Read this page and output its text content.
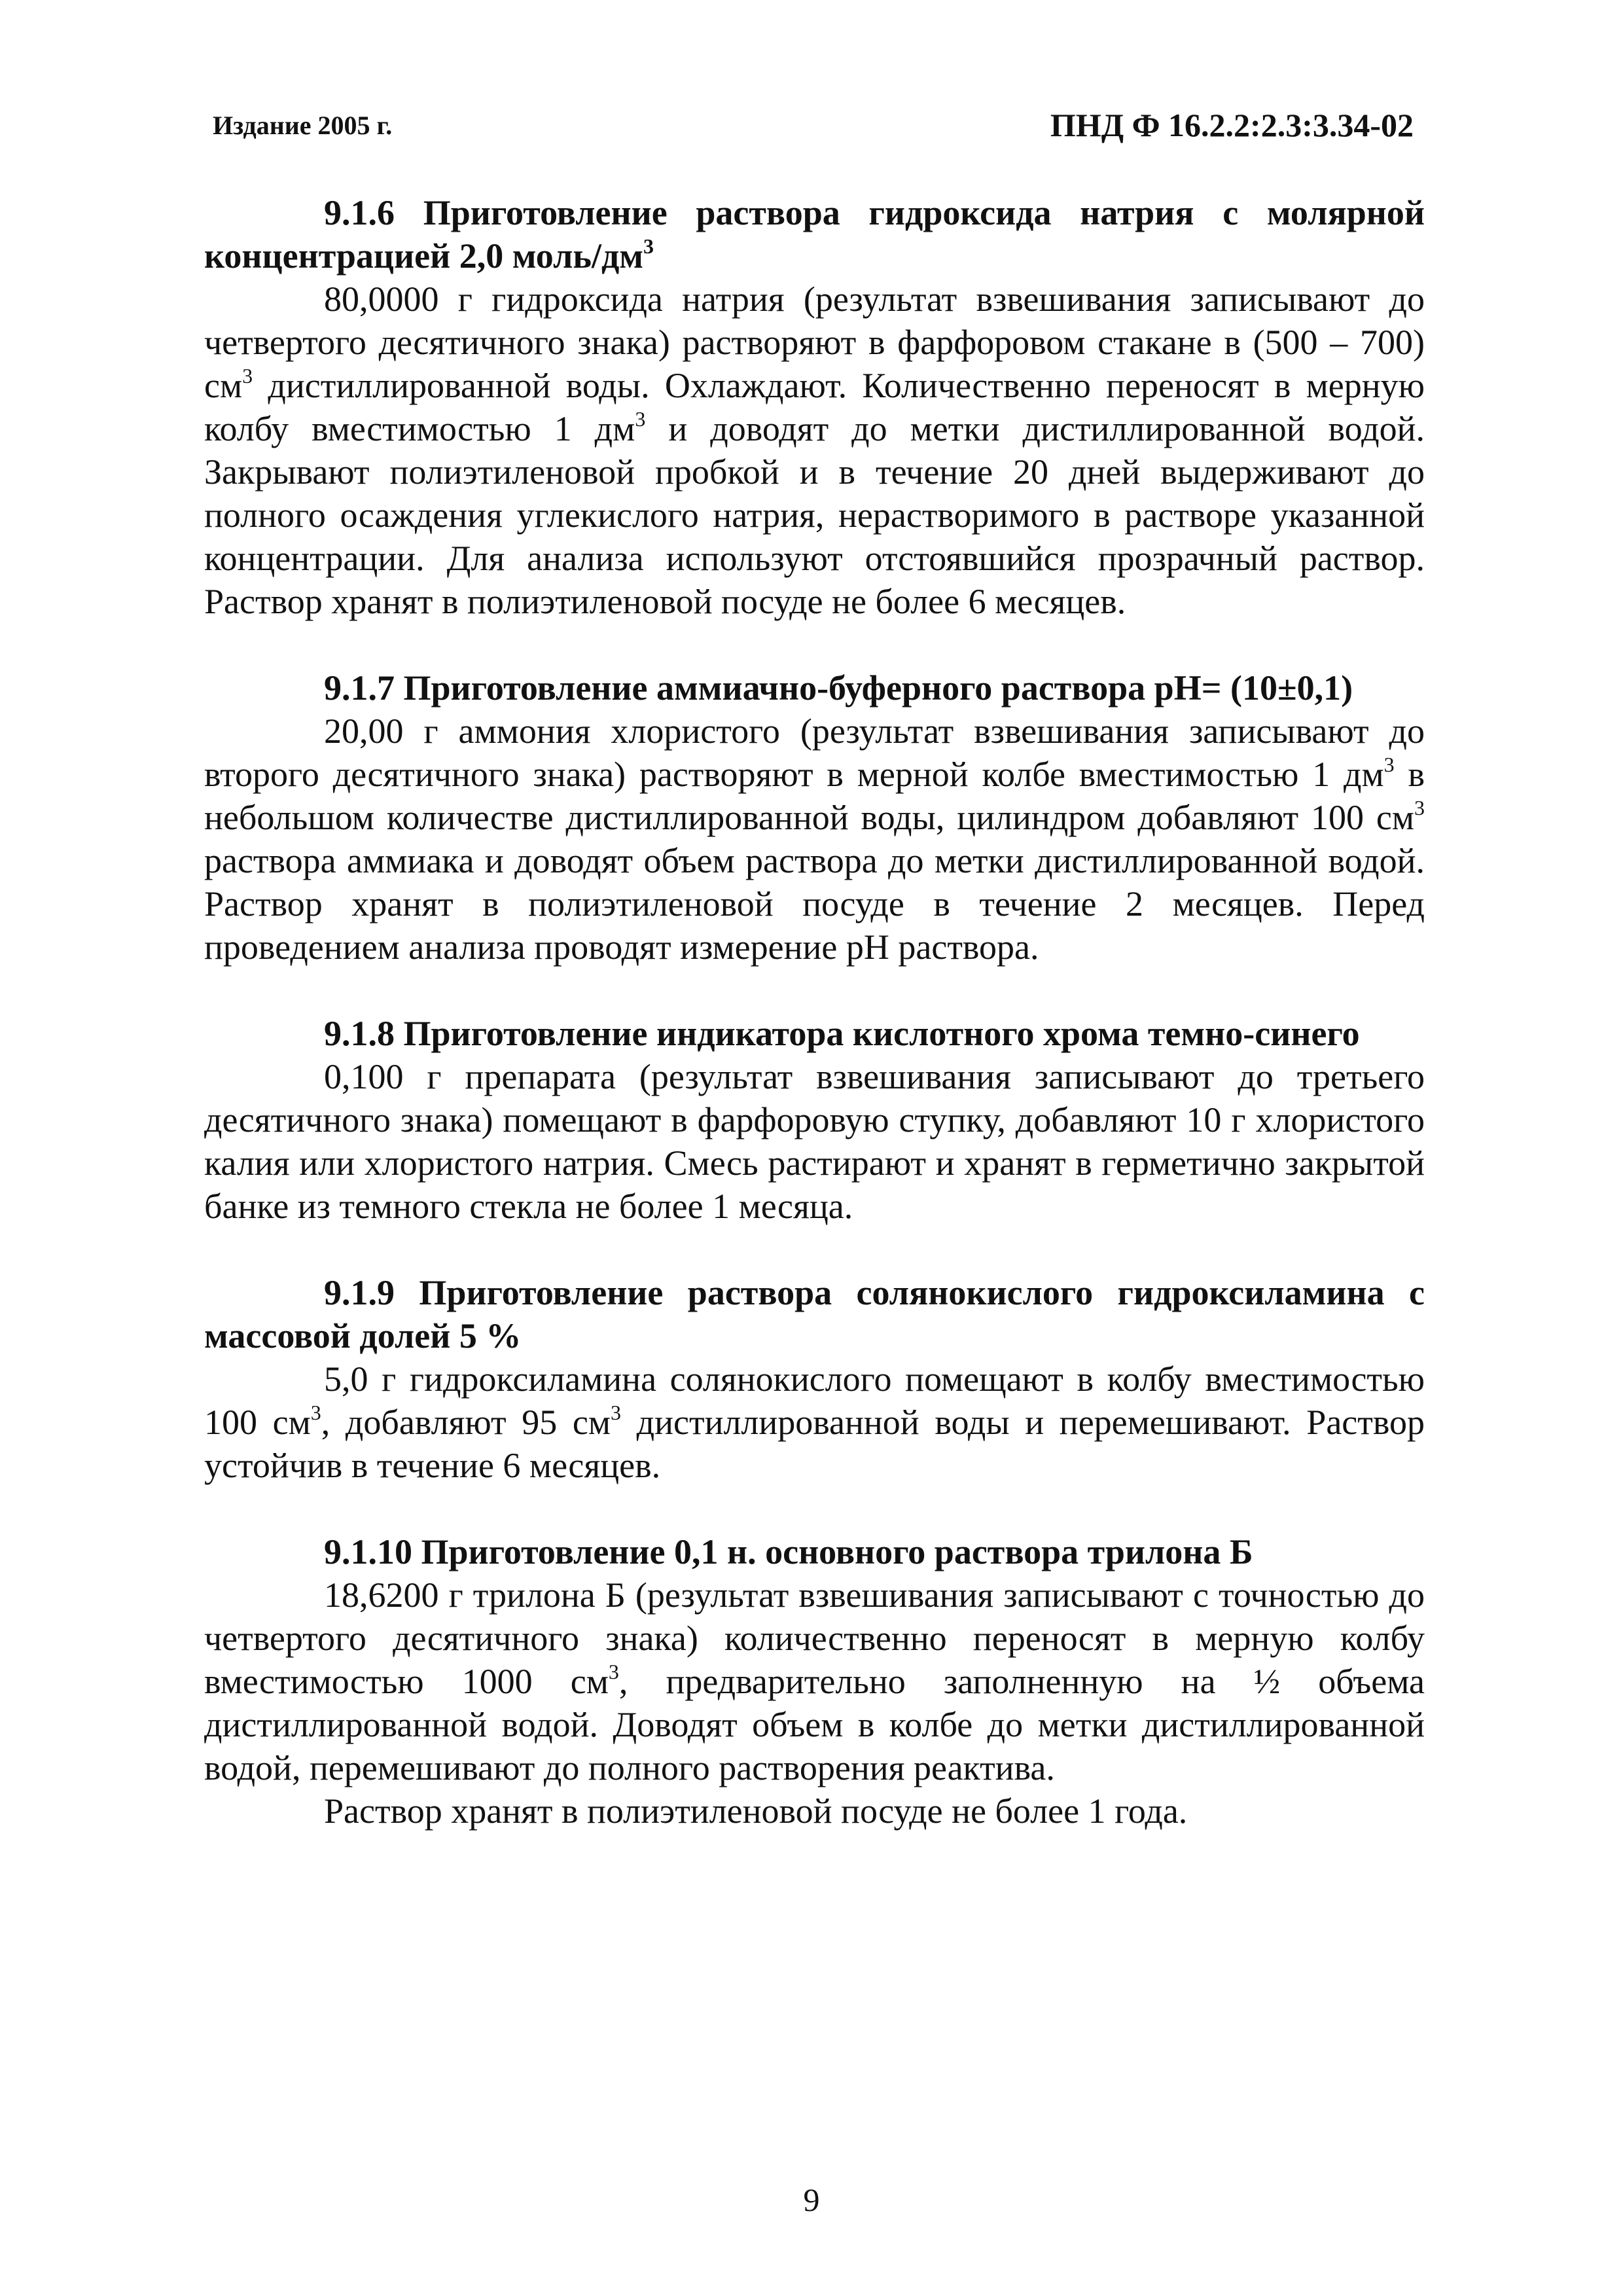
Издание 2005 г.	ПНД Ф 16.2.2:2.3:3.34-02

9.1.6 Приготовление раствора гидроксида натрия с молярной концентрацией 2,0 моль/$дм^3$

80,0000 г гидроксида натрия (результат взвешивания записывают до четвертого десятичного знака) растворяют в фарфоровом стакане в (500 – 700) $см^3$ дистиллированной воды. Охлаждают. Количественно переносят в мерную колбу вместимостью 1 $дм^3$ и доводят до метки дистиллированной водой. Закрывают полиэтиленовой пробкой и в течение 20 дней выдерживают до полного осаждения углекислого натрия, нерастворимого в растворе указанной концентрации. Для анализа используют отстоявшийся прозрачный раствор. Раствор хранят в полиэтиленовой посуде не более 6 месяцев.

9.1.7 Приготовление аммиачно-буферного раствора рН= (10±0,1)

20,00 г аммония хлористого (результат взвешивания записывают до второго десятичного знака) растворяют в мерной колбе вместимостью 1 $дм^3$ в небольшом количестве дистиллированной воды, цилиндром добавляют 100 $см^3$ раствора аммиака и доводят объем раствора до метки дистиллированной водой. Раствор хранят в полиэтиленовой посуде в течение 2 месяцев. Перед проведением анализа проводят измерение рН раствора.

9.1.8 Приготовление индикатора кислотного хрома темно-синего

0,100 г препарата (результат взвешивания записывают до третьего десятичного знака) помещают в фарфоровую ступку, добавляют 10 г хлористого калия или хлористого натрия. Смесь растирают и хранят в герметично закрытой банке из темного стекла не более 1 месяца.

9.1.9 Приготовление раствора солянокислого гидроксиламина с массовой долей 5 %

5,0 г гидроксиламина солянокислого помещают в колбу вместимостью 100 $см^3$, добавляют 95 $см^3$ дистиллированной воды и перемешивают. Раствор устойчив в течение 6 месяцев.

9.1.10 Приготовление 0,1 н. основного раствора трилона Б

18,6200 г трилона Б (результат взвешивания записывают с точностью до четвертого десятичного знака) количественно переносят в мерную колбу вместимостью 1000 $см^3$, предварительно заполненную на ½ объема дистиллированной водой. Доводят объем в колбе до метки дистиллированной водой, перемешивают до полного растворения реактива.

Раствор хранят в полиэтиленовой посуде не более 1 года.

9
